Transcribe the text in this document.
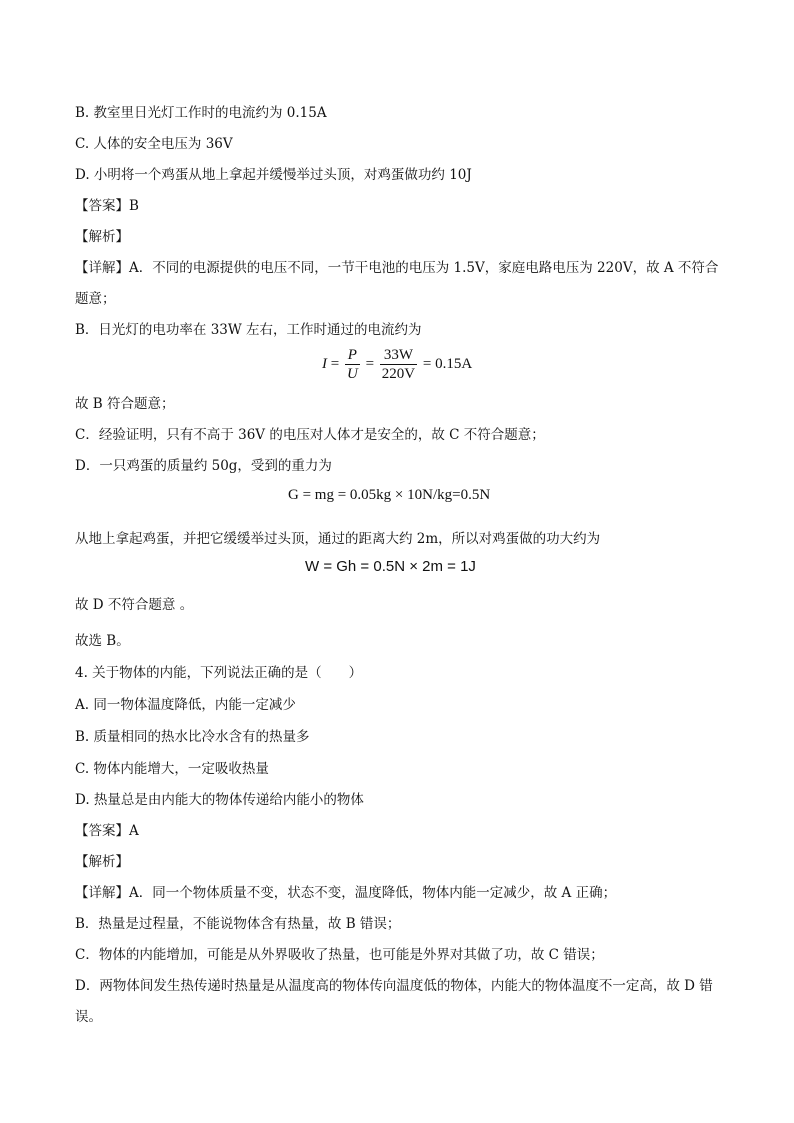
B. 教室里日光灯工作时的电流约为 0.15A
C. 人体的安全电压为 36V
D. 小明将一个鸡蛋从地上拿起并缓慢举过头顶，对鸡蛋做功约 10J
【答案】B
【解析】
【详解】A．不同的电源提供的电压不同，一节干电池的电压为 1.5V，家庭电路电压为 220V，故 A 不符合
题意；
B．日光灯的电功率在 33W 左右，工作时通过的电流约为
$I = \frac{P}{U} = \frac{33W}{220V} = 0.15A$
故 B 符合题意；
C．经验证明，只有不高于 36V 的电压对人体才是安全的，故 C 不符合题意；
D．一只鸡蛋的质量约 50g，受到的重力为
G = mg = 0.05kg × 10N/kg=0.5N
从地上拿起鸡蛋，并把它缓缓举过头顶，通过的距离大约 2m，所以对鸡蛋做的功大约为
W = Gh = 0.5N × 2m = 1J
故 D 不符合题意 。
故选 B。
4. 关于物体的内能，下列说法正确的是（　　）
A. 同一物体温度降低，内能一定减少
B. 质量相同的热水比冷水含有的热量多
C. 物体内能增大，一定吸收热量
D. 热量总是由内能大的物体传递给内能小的物体
【答案】A
【解析】
【详解】A．同一个物体质量不变，状态不变，温度降低，物体内能一定减少，故 A 正确；
B．热量是过程量，不能说物体含有热量，故 B 错误；
C．物体的内能增加，可能是从外界吸收了热量，也可能是外界对其做了功，故 C 错误；
D．两物体间发生热传递时热量是从温度高的物体传向温度低的物体，内能大的物体温度不一定高，故 D 错
误。
